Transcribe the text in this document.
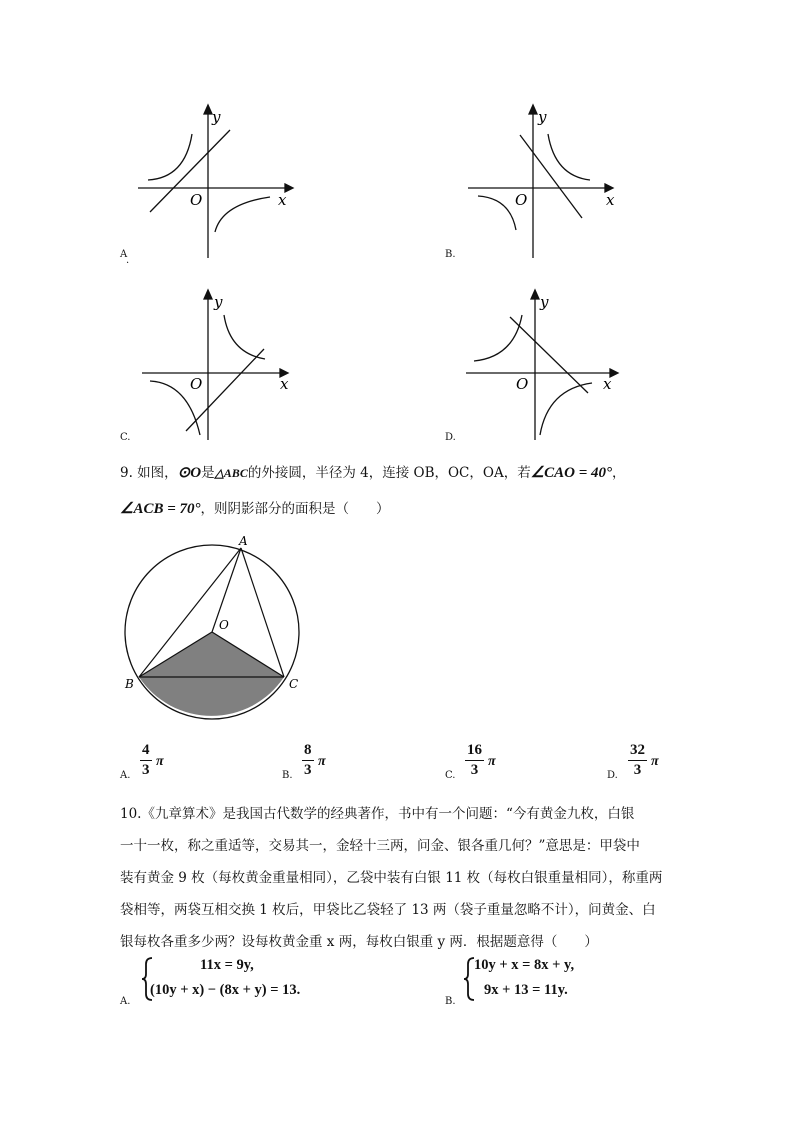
y
O	x
A
.
y
O	x
B.
y
O	x
C.
y
O	x
D.
9. 如图，⊙O是△ABC的外接圆，半径为 4，连接 OB，OC，OA，若∠CAO = 40°，
∠ACB = 70°，则阴影部分的面积是（　　）
A
O
B	C
A.
4
3
π
B.
8
3
π
C.
16
3
π
D.
32
3
π
10.《九章算术》是我国古代数学的经典著作，书中有一个问题：“今有黄金九枚，白银
一十一枚，称之重适等，交易其一，金轻十三两，问金、银各重几何？”意思是：甲袋中
装有黄金 9 枚（每枚黄金重量相同），乙袋中装有白银 11 枚（每枚白银重量相同），称重两
袋相等，两袋互相交换 1 枚后，甲袋比乙袋轻了 13 两（袋子重量忽略不计），问黄金、白
银每枚各重多少两？设每枚黄金重 x 两，每枚白银重 y 两．根据题意得（　　）
A.
11x = 9y,
(10y + x) − (8x + y) = 13.
B.
10y + x = 8x + y,
9x + 13 = 11y.
